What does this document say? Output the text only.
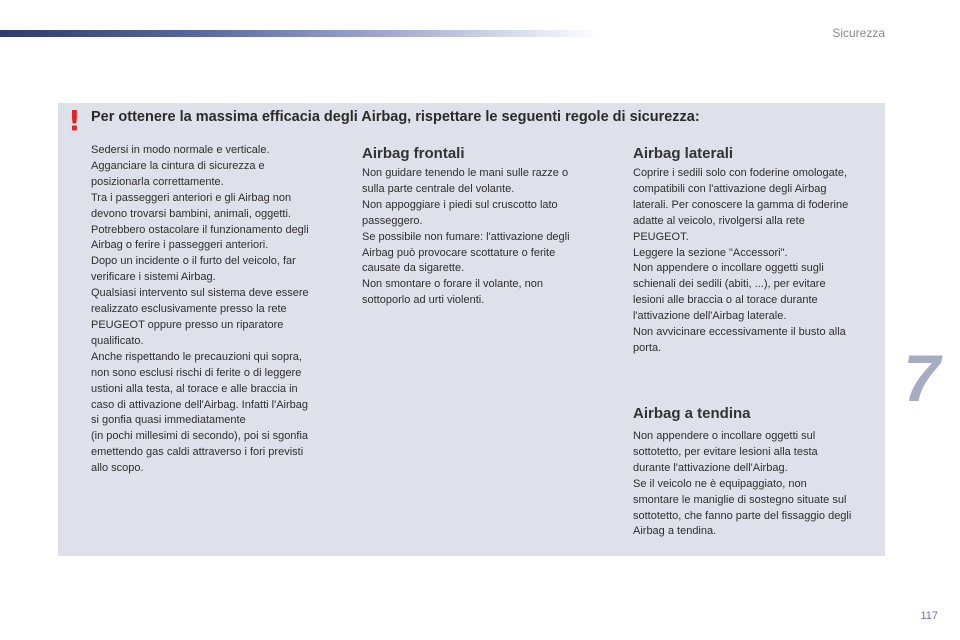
Sicurezza
! Per ottenere la massima efficacia degli Airbag, rispettare le seguenti regole di sicurezza:

Sedersi in modo normale e verticale.

Agganciare la cintura di sicurezza e

posizionarla correttamente.

Tra i passeggeri anteriori e gli Airbag non

devono trovarsi bambini, animali, oggetti.

Potrebbero ostacolare il funzionamento degli

Airbag o ferire i passeggeri anteriori.

Dopo un incidente o il furto del veicolo, far

verificare i sistemi Airbag.

Qualsiasi intervento sul sistema deve essere

realizzato esclusivamente presso la rete

PEUGEOT oppure presso un riparatore

qualificato.

Anche rispettando le precauzioni qui sopra,

non sono esclusi rischi di ferite o di leggere

ustioni alla testa, al torace e alle braccia in

caso di attivazione dell'Airbag. Infatti l'Airbag

si gonfia quasi immediatamente

(in pochi millesimi di secondo), poi si sgonfia

emettendo gas caldi attraverso i fori previsti

allo scopo.

Airbag frontali

Non guidare tenendo le mani sulle razze o

sulla parte centrale del volante.

Non appoggiare i piedi sul cruscotto lato

passeggero.

Se possibile non fumare: l'attivazione degli

Airbag può provocare scottature o ferite

causate da sigarette.

Non smontare o forare il volante, non

sottoporlo ad urti violenti.

Airbag laterali

Coprire i sedili solo con foderine omologate,

compatibili con l'attivazione degli Airbag

laterali. Per conoscere la gamma di foderine

adatte al veicolo, rivolgersi alla rete

PEUGEOT.

Leggere la sezione "Accessori".

Non appendere o incollare oggetti sugli

schienali dei sedili (abiti, ...), per evitare

lesioni alle braccia o al torace durante

l'attivazione dell'Airbag laterale.

Non avvicinare eccessivamente il busto alla

porta.

Airbag a tendina

Non appendere o incollare oggetti sul

sottotetto, per evitare lesioni alla testa

durante l'attivazione dell'Airbag.

Se il veicolo ne è equipaggiato, non

smontare le maniglie di sostegno situate sul

sottotetto, che fanno parte del fissaggio degli

Airbag a tendina.

7
117
